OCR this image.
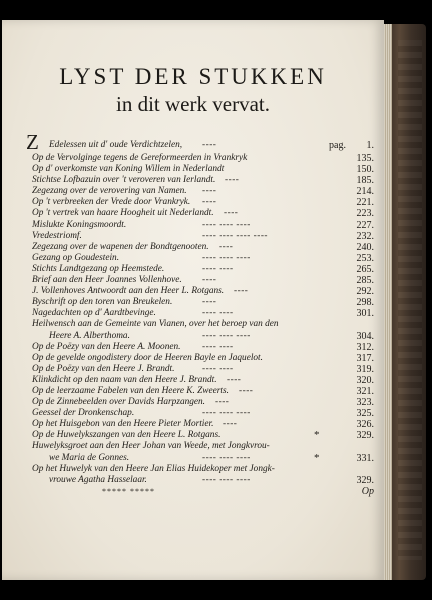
LYST DER STUKKEN
in dit werk vervat.
Z Edelessen uit d' oude Verdichtzelen, ----	pag. 1.
Op de Vervolginge tegens de Gereformeerden in Vrankryk	135.
Op d' overkomste van Koning Willem in Nederlandt	150.
Stichtse Lofbazuin over 't veroveren van Ierlandt. ----	185.
Zegezang over de verovering van Namen. ----	214.
Op 't verbreeken der Vrede door Vrankryk. ----	221.
Op 't vertrek van haare Hoogheit uit Nederlandt. ----	223.
Mislukte Koningsmoordt.	---- ---- ----	227.
Vredestriomf.	---- ---- ---- ----	232.
Zegezang over de wapenen der Bondtgenooten. ----	240.
Gezang op Goudestein.	---- ---- ----	253.
Stichts Landtgezang op Heemstede.	---- ----	265.
Brief aan den Heer Joannes Vollenhove. ----	285.
J. Vollenhoves Antwoordt aan den Heer L. Rotgans. ----	292.
Byschrift op den toren van Breukelen.	----	298.
Nagedachten op d' Aardtbevinge.	---- ----	301.
Heilwensch aan de Gemeinte van Vianen, over het beroep van den
Heere A. Alberthoma.	---- ---- ----	304.
Op de Poëzy van den Heere A. Moonen. ---- ----	312.
Op de gevelde ongodistery door de Heeren Bayle en Jaquelot.	317.
Op de Poëzy van den Heere J. Brandt.	---- ----	319.
Klinkdicht op den naam van den Heere J. Brandt. ----	320.
Op de leerzaame Fabelen van den Heere K. Zweerts. ----	321.
Op de Zinnebeelden over Davids Harpzangen. ----	323.
Geessel der Dronkenschap.	---- ---- ----	325.
Op het Huisgebon van den Heere Pieter Mortier. ----	326.
Op de Huwelykszangen van den Heere L. Rotgans.	*	329.
Huwelyksgroet aan den Heer Johan van Weede, met Jongkvrou-
we Maria de Gonnes.	---- ---- ----	*	331.
Op het Huwelyk van den Heere Jan Elias Huidekoper met Jongk-
vrouwe Agatha Hasselaar.	---- ---- ----	329.
***** *****	Op
